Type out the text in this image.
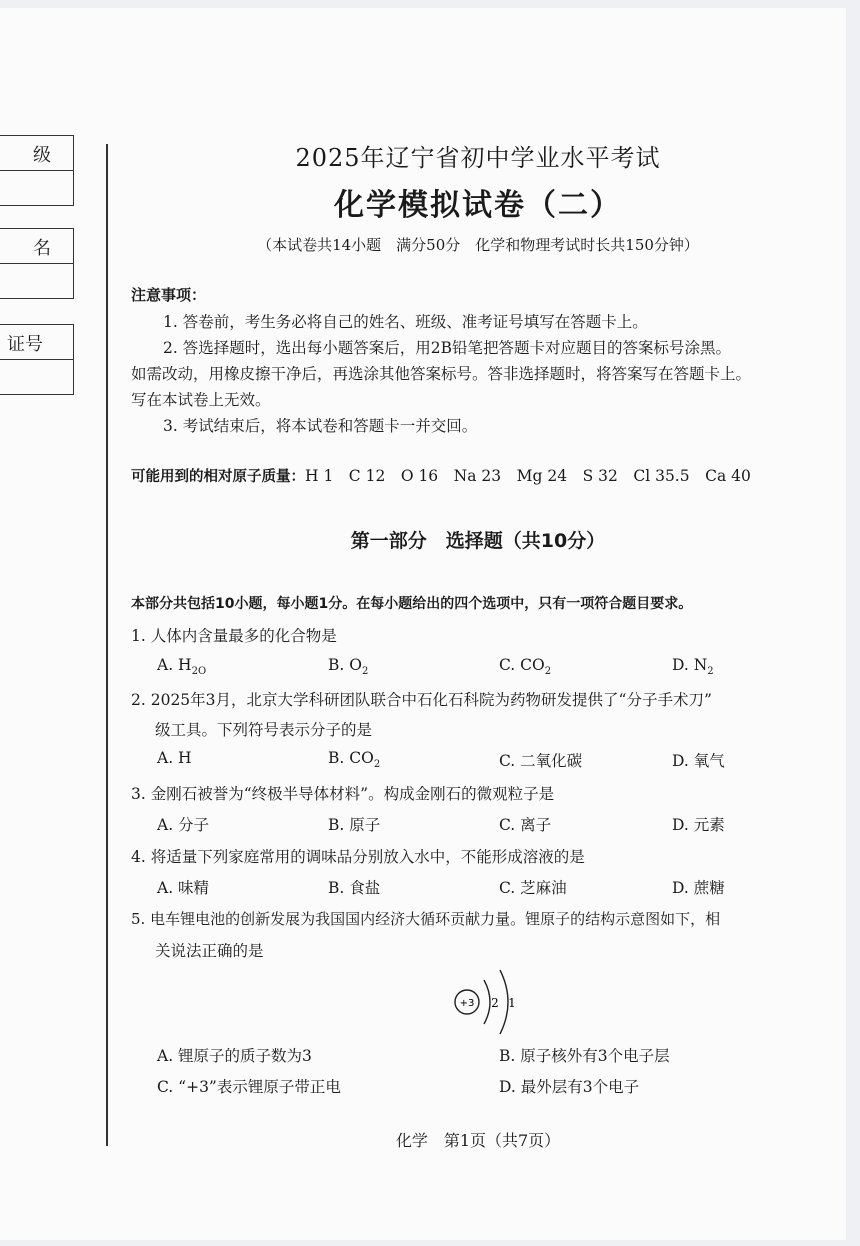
级
名
证号
2025年辽宁省初中学业水平考试
化学模拟试卷（二）
（本试卷共14小题　满分50分　化学和物理考试时长共150分钟）
注意事项：
1. 答卷前，考生务必将自己的姓名、班级、准考证号填写在答题卡上。
2. 答选择题时，选出每小题答案后，用2B铅笔把答题卡对应题目的答案标号涂黑。
如需改动，用橡皮擦干净后，再选涂其他答案标号。答非选择题时，将答案写在答题卡上。
写在本试卷上无效。
3. 考试结束后，将本试卷和答题卡一并交回。
可能用到的相对原子质量：H 1　C 12　O 16　Na 23　Mg 24　S 32　Cl 35.5　Ca 40
第一部分　选择题（共10分）
本部分共包括10小题，每小题1分。在每小题给出的四个选项中，只有一项符合题目要求。
1. 人体内含量最多的化合物是
A. $H_{2O}$	B. $O_2$	C. $CO_2$	D. $N_2$
2. 2025年3月，北京大学科研团队联合中石化石科院为药物研发提供了“分子手术刀”
级工具。下列符号表示分子的是
A. H	B. $CO_2$	C. 二氧化碳	D. 氧气
3. 金刚石被誉为“终极半导体材料”。构成金刚石的微观粒子是
A. 分子	B. 原子	C. 离子	D. 元素
4. 将适量下列家庭常用的调味品分别放入水中，不能形成溶液的是
A. 味精	B. 食盐	C. 芝麻油	D. 蔗糖
5. 电车锂电池的创新发展为我国国内经济大循环贡献力量。锂原子的结构示意图如下，相
关说法正确的是
+3 2 1
A. 锂原子的质子数为3	B. 原子核外有3个电子层
C. “+3”表示锂原子带正电	D. 最外层有3个电子
化学　第1页（共7页）
